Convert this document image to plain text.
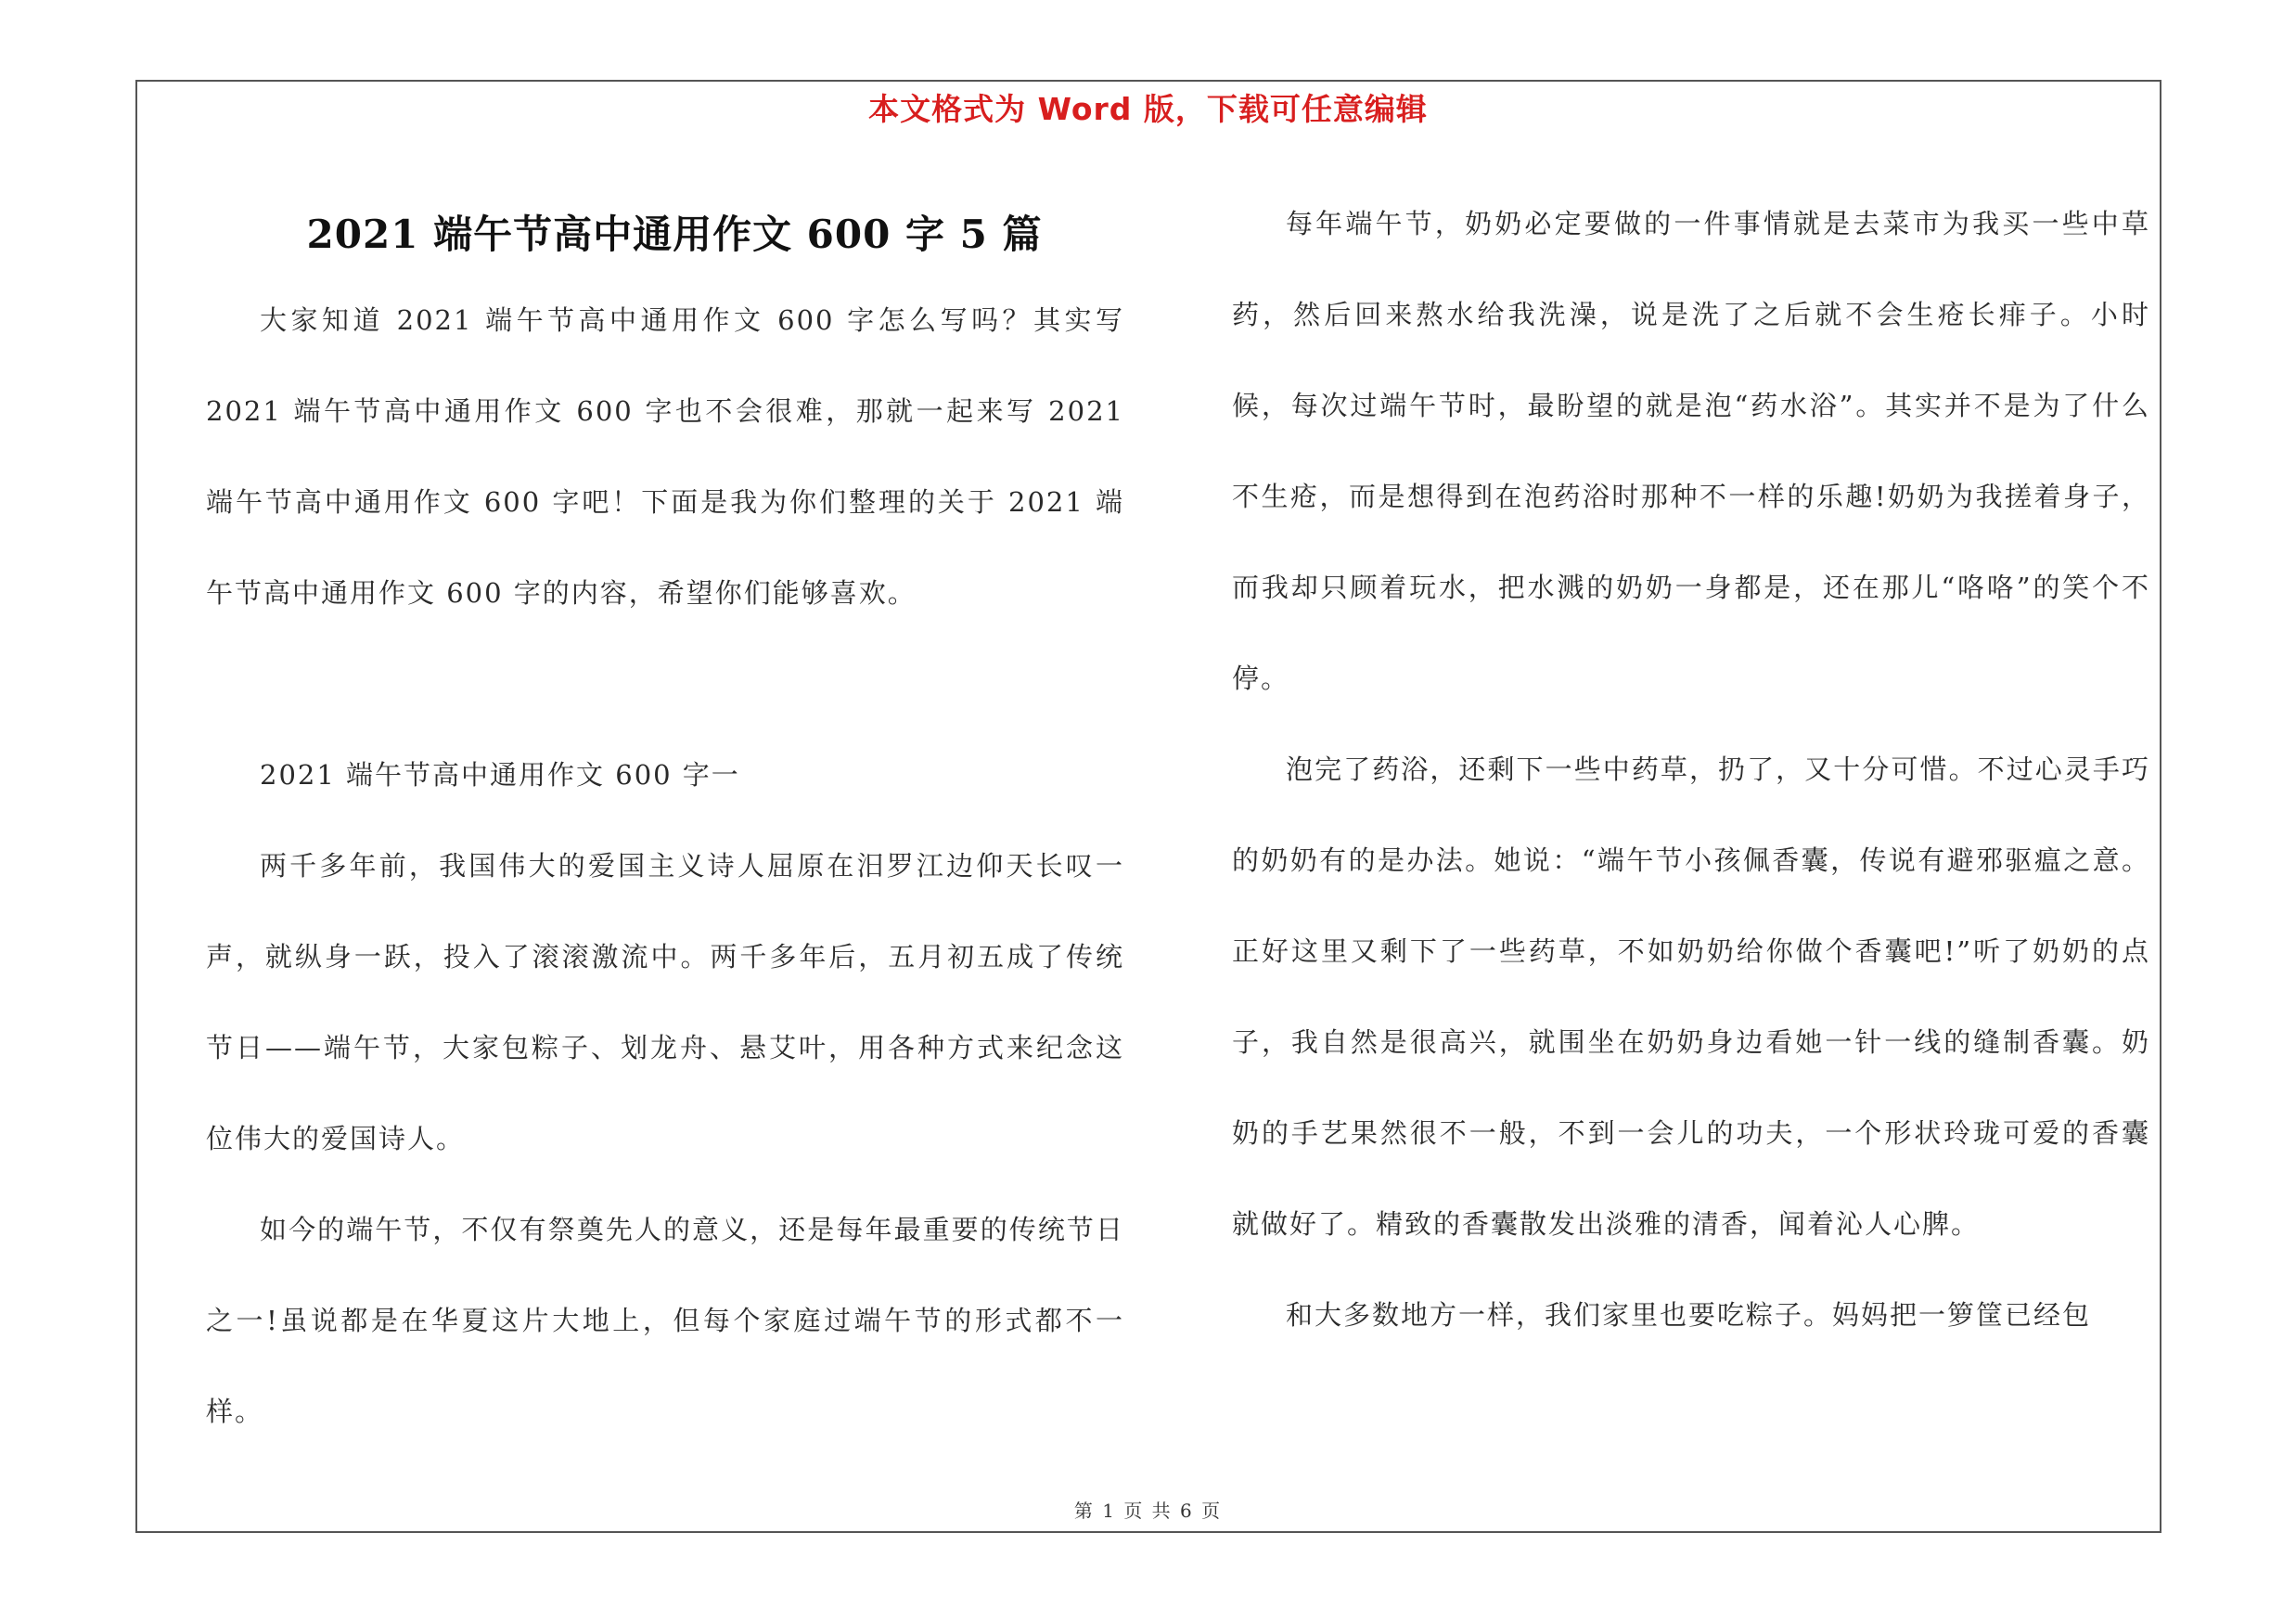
本文格式为 Word 版，下载可任意编辑
2021 端午节高中通用作文 600 字 5 篇

大家知道 2021 端午节高中通用作文 600 字怎么写吗？其实写 2021 端午节高中通用作文 600 字也不会很难，那就一起来写 2021 端午节高中通用作文 600 字吧！下面是我为你们整理的关于 2021 端午节高中通用作文 600 字的内容，希望你们能够喜欢。

2021 端午节高中通用作文 600 字一

两千多年前，我国伟大的爱国主义诗人屈原在汨罗江边仰天长叹一声，就纵身一跃，投入了滚滚激流中。两千多年后，五月初五成了传统节日——端午节，大家包粽子、划龙舟、悬艾叶，用各种方式来纪念这位伟大的爱国诗人。

如今的端午节，不仅有祭奠先人的意义，还是每年最重要的传统节日之一!虽说都是在华夏这片大地上，但每个家庭过端午节的形式都不一样。

每年端午节，奶奶必定要做的一件事情就是去菜市为我买一些中草药，然后回来熬水给我洗澡，说是洗了之后就不会生疮长痱子。小时候，每次过端午节时，最盼望的就是泡“药水浴”。其实并不是为了什么不生疮，而是想得到在泡药浴时那种不一样的乐趣!奶奶为我搓着身子，而我却只顾着玩水，把水溅的奶奶一身都是，还在那儿“咯咯”的笑个不停。

泡完了药浴，还剩下一些中药草，扔了，又十分可惜。不过心灵手巧的奶奶有的是办法。她说：“端午节小孩佩香囊，传说有避邪驱瘟之意。正好这里又剩下了一些药草，不如奶奶给你做个香囊吧!”听了奶奶的点子，我自然是很高兴，就围坐在奶奶身边看她一针一线的缝制香囊。奶奶的手艺果然很不一般，不到一会儿的功夫，一个形状玲珑可爱的香囊就做好了。精致的香囊散发出淡雅的清香，闻着沁人心脾。

和大多数地方一样，我们家里也要吃粽子。妈妈把一箩筐已经包

第 1 页 共 6 页
